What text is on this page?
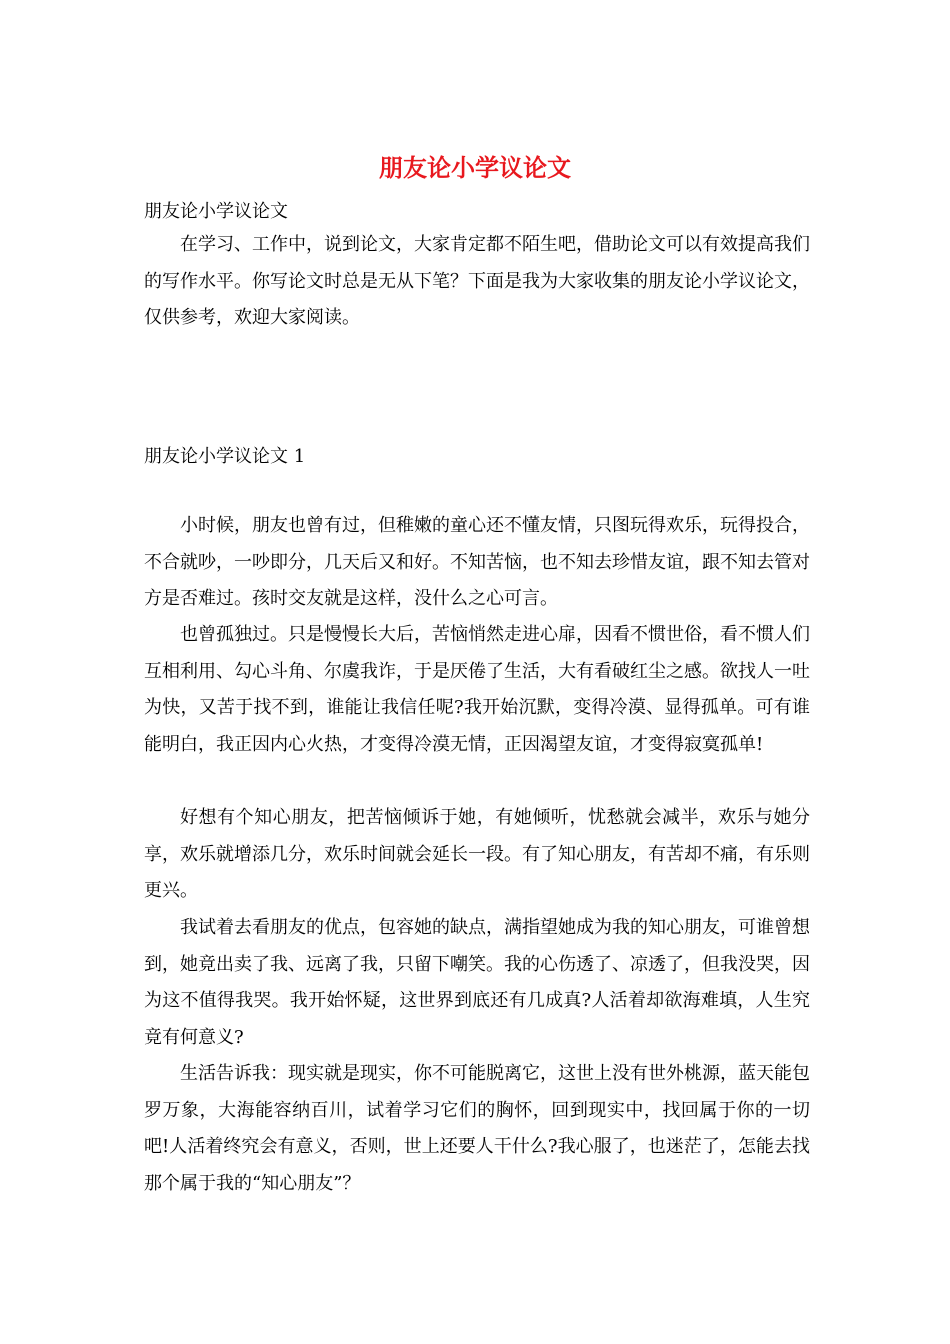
朋友论小学议论文

朋友论小学议论文

在学习、工作中，说到论文，大家肯定都不陌生吧，借助论文可以有效提高我们的写作水平。你写论文时总是无从下笔？下面是我为大家收集的朋友论小学议论文，仅供参考，欢迎大家阅读。

朋友论小学议论文 1

小时候，朋友也曾有过，但稚嫩的童心还不懂友情，只图玩得欢乐，玩得投合，不合就吵，一吵即分，几天后又和好。不知苦恼，也不知去珍惜友谊，跟不知去管对方是否难过。孩时交友就是这样，没什么之心可言。

也曾孤独过。只是慢慢长大后，苦恼悄然走进心扉，因看不惯世俗，看不惯人们互相利用、勾心斗角、尔虞我诈，于是厌倦了生活，大有看破红尘之感。欲找人一吐为快，又苦于找不到，谁能让我信任呢?我开始沉默，变得冷漠、显得孤单。可有谁能明白，我正因内心火热，才变得冷漠无情，正因渴望友谊，才变得寂寞孤单!

好想有个知心朋友，把苦恼倾诉于她，有她倾听，忧愁就会减半，欢乐与她分享，欢乐就增添几分，欢乐时间就会延长一段。有了知心朋友，有苦却不痛，有乐则更兴。

我试着去看朋友的优点，包容她的缺点，满指望她成为我的知心朋友，可谁曾想到，她竟出卖了我、远离了我，只留下嘲笑。我的心伤透了、凉透了，但我没哭，因为这不值得我哭。我开始怀疑，这世界到底还有几成真?人活着却欲海难填，人生究竟有何意义?

生活告诉我：现实就是现实，你不可能脱离它，这世上没有世外桃源，蓝天能包罗万象，大海能容纳百川，试着学习它们的胸怀，回到现实中，找回属于你的一切吧!人活着终究会有意义，否则，世上还要人干什么?我心服了，也迷茫了，怎能去找那个属于我的“知心朋友”？
